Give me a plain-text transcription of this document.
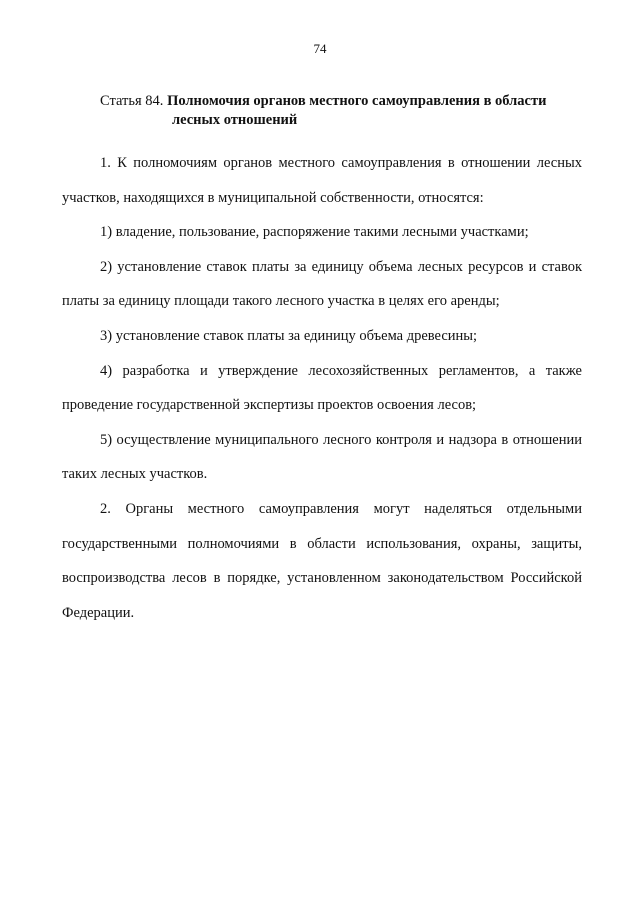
74
Статья 84. Полномочия органов местного самоуправления в области
лесных отношений

1. К полномочиям органов местного самоуправления в отношении лесных участков, находящихся в муниципальной собственности, относятся:

1) владение, пользование, распоряжение такими лесными участками;

2) установление ставок платы за единицу объема лесных ресурсов и ставок платы за единицу площади такого лесного участка в целях его аренды;

3) установление ставок платы за единицу объема древесины;

4) разработка и утверждение лесохозяйственных регламентов, а также проведение государственной экспертизы проектов освоения лесов;

5) осуществление муниципального лесного контроля и надзора в отношении таких лесных участков.

2. Органы местного самоуправления могут наделяться отдельными государственными полномочиями в области использования, охраны, защиты, воспроизводства лесов в порядке, установленном законодательством Российской Федерации.
